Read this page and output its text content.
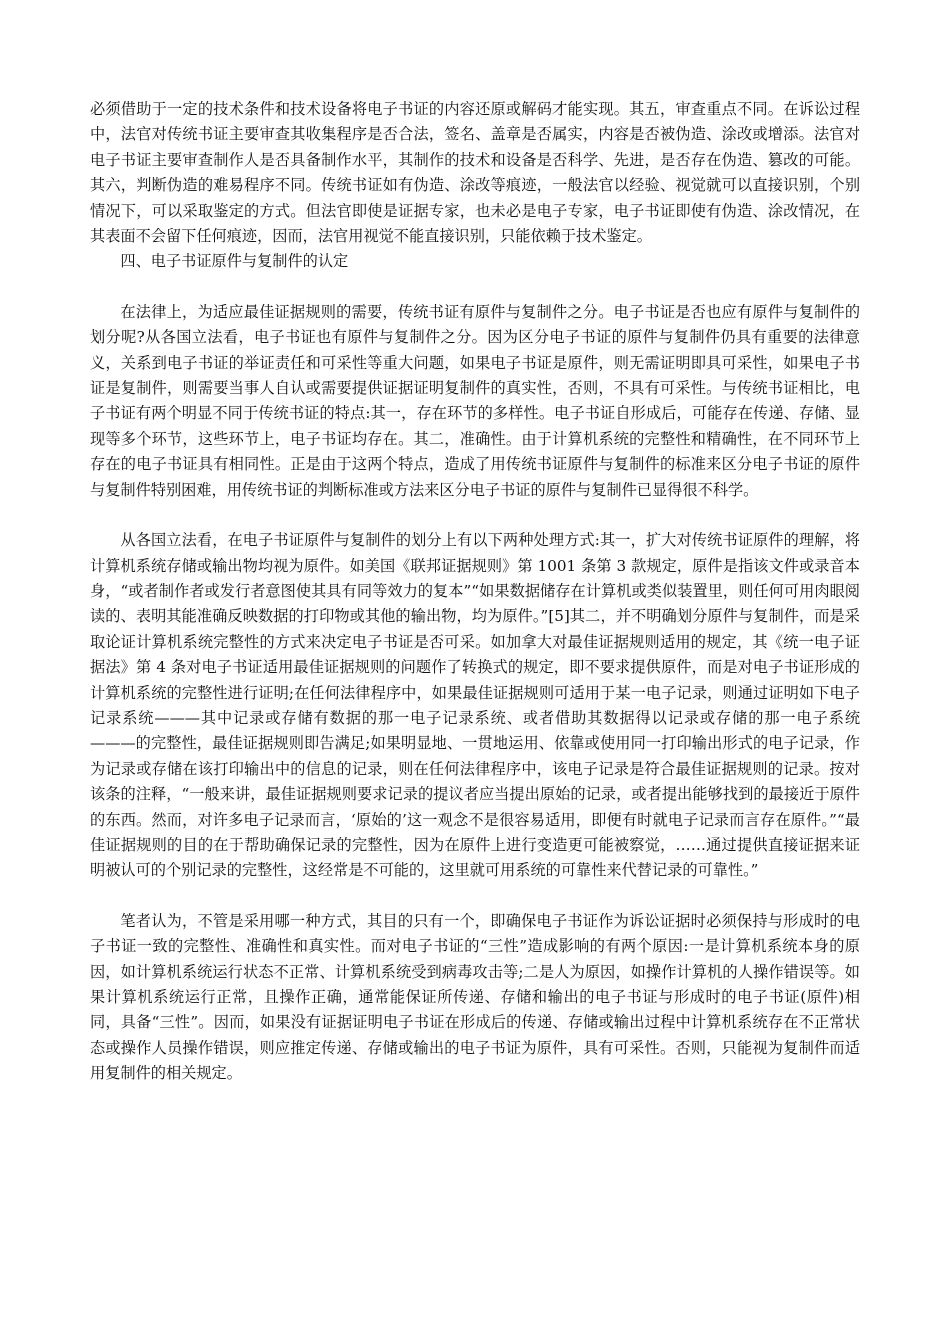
必须借助于一定的技术条件和技术设备将电子书证的内容还原或解码才能实现。其五，审查重点不同。在诉讼过程中，法官对传统书证主要审查其收集程序是否合法，签名、盖章是否属实，内容是否被伪造、涂改或增添。法官对电子书证主要审查制作人是否具备制作水平，其制作的技术和设备是否科学、先进，是否存在伪造、篡改的可能。其六，判断伪造的难易程序不同。传统书证如有伪造、涂改等痕迹，一般法官以经验、视觉就可以直接识别，个别情况下，可以采取鉴定的方式。但法官即使是证据专家，也未必是电子专家，电子书证即使有伪造、涂改情况，在其表面不会留下任何痕迹，因而，法官用视觉不能直接识别，只能依赖于技术鉴定。

四、电子书证原件与复制件的认定

在法律上，为适应最佳证据规则的需要，传统书证有原件与复制件之分。电子书证是否也应有原件与复制件的划分呢?从各国立法看，电子书证也有原件与复制件之分。因为区分电子书证的原件与复制件仍具有重要的法律意义，关系到电子书证的举证责任和可采性等重大问题，如果电子书证是原件，则无需证明即具可采性，如果电子书证是复制件，则需要当事人自认或需要提供证据证明复制件的真实性，否则，不具有可采性。与传统书证相比，电子书证有两个明显不同于传统书证的特点:其一，存在环节的多样性。电子书证自形成后，可能存在传递、存储、显现等多个环节，这些环节上，电子书证均存在。其二，准确性。由于计算机系统的完整性和精确性，在不同环节上存在的电子书证具有相同性。正是由于这两个特点，造成了用传统书证原件与复制件的标准来区分电子书证的原件与复制件特别困难，用传统书证的判断标准或方法来区分电子书证的原件与复制件已显得很不科学。

从各国立法看，在电子书证原件与复制件的划分上有以下两种处理方式:其一，扩大对传统书证原件的理解，将计算机系统存储或输出物均视为原件。如美国《联邦证据规则》第 1001 条第 3 款规定，原件是指该文件或录音本身，“或者制作者或发行者意图使其具有同等效力的复本”“如果数据储存在计算机或类似装置里，则任何可用肉眼阅读的、表明其能准确反映数据的打印物或其他的输出物，均为原件。”[5]其二，并不明确划分原件与复制件，而是采取论证计算机系统完整性的方式来决定电子书证是否可采。如加拿大对最佳证据规则适用的规定，其《统一电子证据法》第 4 条对电子书证适用最佳证据规则的问题作了转换式的规定，即不要求提供原件，而是对电子书证形成的计算机系统的完整性进行证明;在任何法律程序中，如果最佳证据规则可适用于某一电子记录，则通过证明如下电子记录系统———其中记录或存储有数据的那一电子记录系统、或者借助其数据得以记录或存储的那一电子系统———的完整性，最佳证据规则即告满足;如果明显地、一贯地运用、依靠或使用同一打印输出形式的电子记录，作为记录或存储在该打印输出中的信息的记录，则在任何法律程序中，该电子记录是符合最佳证据规则的记录。按对该条的注释，“一般来讲，最佳证据规则要求记录的提议者应当提出原始的记录，或者提出能够找到的最接近于原件的东西。然而，对许多电子记录而言，‘原始的’这一观念不是很容易适用，即便有时就电子记录而言存在原件。”“最佳证据规则的目的在于帮助确保记录的完整性，因为在原件上进行变造更可能被察觉，……通过提供直接证据来证明被认可的个别记录的完整性，这经常是不可能的，这里就可用系统的可靠性来代替记录的可靠性。”

笔者认为，不管是采用哪一种方式，其目的只有一个，即确保电子书证作为诉讼证据时必须保持与形成时的电子书证一致的完整性、准确性和真实性。而对电子书证的“三性”造成影响的有两个原因:一是计算机系统本身的原因，如计算机系统运行状态不正常、计算机系统受到病毒攻击等;二是人为原因，如操作计算机的人操作错误等。如果计算机系统运行正常，且操作正确，通常能保证所传递、存储和输出的电子书证与形成时的电子书证(原件)相同，具备“三性”。因而，如果没有证据证明电子书证在形成后的传递、存储或输出过程中计算机系统存在不正常状态或操作人员操作错误，则应推定传递、存储或输出的电子书证为原件，具有可采性。否则，只能视为复制件而适用复制件的相关规定。
